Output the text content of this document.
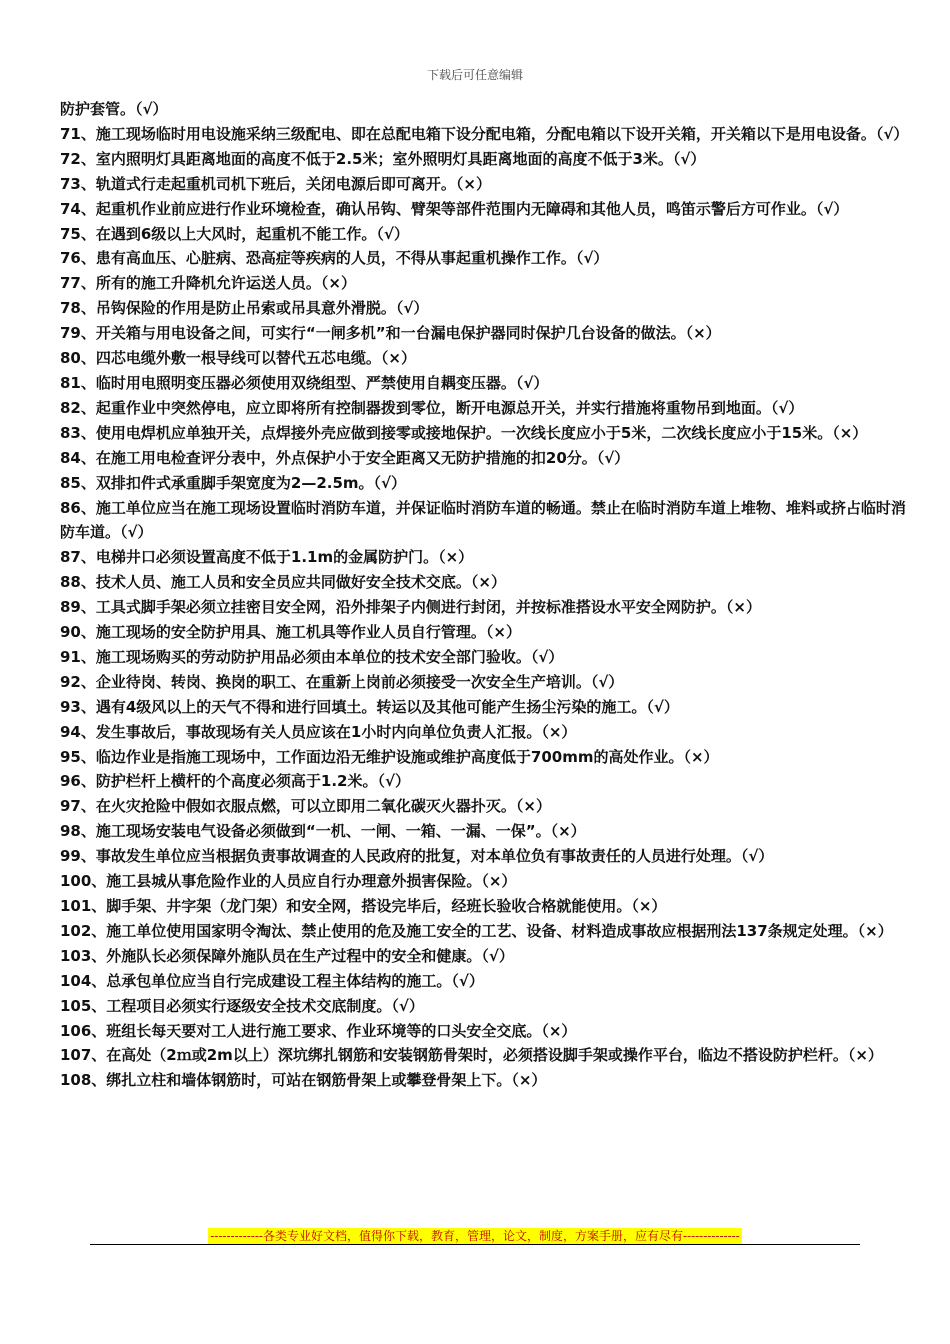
下载后可任意编辑

防护套管。（√）

71、施工现场临时用电设施采纳三级配电、即在总配电箱下设分配电箱，分配电箱以下设开关箱，开关箱以下是用电设备。（√）

72、室内照明灯具距离地面的高度不低于2.5米；室外照明灯具距离地面的高度不低于3米。（√）

73、轨道式行走起重机司机下班后，关闭电源后即可离开。（×）

74、起重机作业前应进行作业环境检查，确认吊钩、臂架等部件范围内无障碍和其他人员，鸣笛示警后方可作业。（√）

75、在遇到6级以上大风时，起重机不能工作。（√）

76、患有高血压、心脏病、恐高症等疾病的人员，不得从事起重机操作工作。（√）

77、所有的施工升降机允许运送人员。（×）

78、吊钩保险的作用是防止吊索或吊具意外滑脱。（√）

79、开关箱与用电设备之间，可实行“一闸多机”和一台漏电保护器同时保护几台设备的做法。（×）

80、四芯电缆外敷一根导线可以替代五芯电缆。（×）

81、临时用电照明变压器必须使用双绕组型、严禁使用自耦变压器。（√）

82、起重作业中突然停电，应立即将所有控制器拨到零位，断开电源总开关，并实行措施将重物吊到地面。（√）

83、使用电焊机应单独开关，点焊接外壳应做到接零或接地保护。一次线长度应小于5米，二次线长度应小于15米。（×）

84、在施工用电检查评分表中，外点保护小于安全距离又无防护措施的扣20分。（√）

85、双排扣件式承重脚手架宽度为2—2.5m。（√）

86、施工单位应当在施工现场设置临时消防车道，并保证临时消防车道的畅通。禁止在临时消防车道上堆物、堆料或挤占临时消防车道。（√）

87、电梯井口必须设置高度不低于1.1m的金属防护门。（×）

88、技术人员、施工人员和安全员应共同做好安全技术交底。（×）

89、工具式脚手架必须立挂密目安全网，沿外排架子内侧进行封闭，并按标准搭设水平安全网防护。（×）

90、施工现场的安全防护用具、施工机具等作业人员自行管理。（×）

91、施工现场购买的劳动防护用品必须由本单位的技术安全部门验收。（√）

92、企业待岗、转岗、换岗的职工、在重新上岗前必须接受一次安全生产培训。（√）

93、遇有4级风以上的天气不得和进行回填土。转运以及其他可能产生扬尘污染的施工。（√）

94、发生事故后，事故现场有关人员应该在1小时内向单位负责人汇报。（×）

95、临边作业是指施工现场中，工作面边沿无维护设施或维护高度低于700mm的高处作业。（×）

96、防护栏杆上横杆的个高度必须高于1.2米。（√）

97、在火灾抢险中假如衣服点燃，可以立即用二氧化碳灭火器扑灭。（×）

98、施工现场安装电气设备必须做到“一机、一闸、一箱、一漏、一保”。（×）

99、事故发生单位应当根据负责事故调查的人民政府的批复，对本单位负有事故责任的人员进行处理。（√）

100、施工县城从事危险作业的人员应自行办理意外损害保险。（×）

101、脚手架、井字架（龙门架）和安全网，搭设完毕后，经班长验收合格就能使用。（×）

102、施工单位使用国家明令淘汰、禁止使用的危及施工安全的工艺、设备、材料造成事故应根据刑法137条规定处理。（×）

103、外施队长必须保障外施队员在生产过程中的安全和健康。（√）

104、总承包单位应当自行完成建设工程主体结构的施工。（√）

105、工程项目必须实行逐级安全技术交底制度。（√）

106、班组长每天要对工人进行施工要求、作业环境等的口头安全交底。（×）

107、在高处（2ｍ或2m以上）深坑绑扎钢筋和安装钢筋骨架时，必须搭设脚手架或操作平台，临边不搭设防护栏杆。（×）

108、绑扎立柱和墙体钢筋时，可站在钢筋骨架上或攀登骨架上下。（×）

-------------各类专业好文档，值得你下载，教育，管理，论文，制度，方案手册，应有尽有--------------
